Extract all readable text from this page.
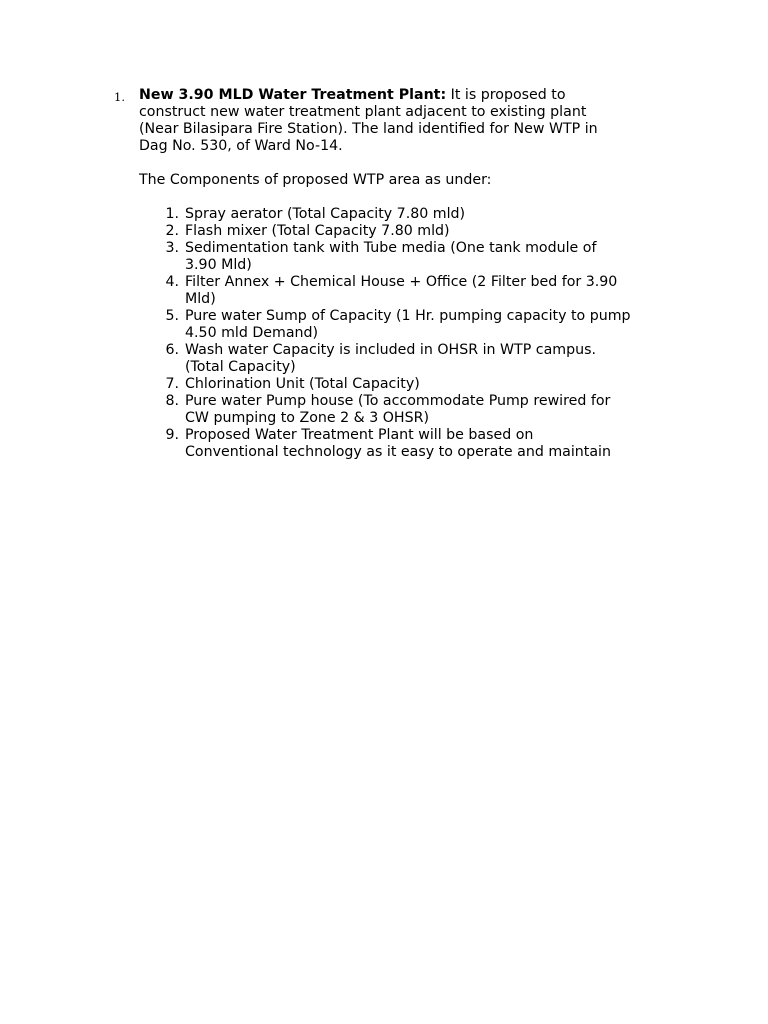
1. New 3.90 MLD Water Treatment Plant: It is proposed to
construct new water treatment plant adjacent to existing plant
(Near Bilasipara Fire Station). The land identified for New WTP in
Dag No. 530, of Ward No-14.
The Components of proposed WTP area as under:
1. Spray aerator (Total Capacity 7.80 mld)
2. Flash mixer (Total Capacity 7.80 mld)
3. Sedimentation tank with Tube media (One tank module of
3.90 Mld)
4. Filter Annex + Chemical House + Office (2 Filter bed for 3.90
Mld)
5. Pure water Sump of Capacity (1 Hr. pumping capacity to pump
4.50 mld Demand)
6. Wash water Capacity is included in OHSR in WTP campus.
(Total Capacity)
7. Chlorination Unit (Total Capacity)
8. Pure water Pump house (To accommodate Pump rewired for
CW pumping to Zone 2 & 3 OHSR)
9. Proposed Water Treatment Plant will be based on
Conventional technology as it easy to operate and maintain
